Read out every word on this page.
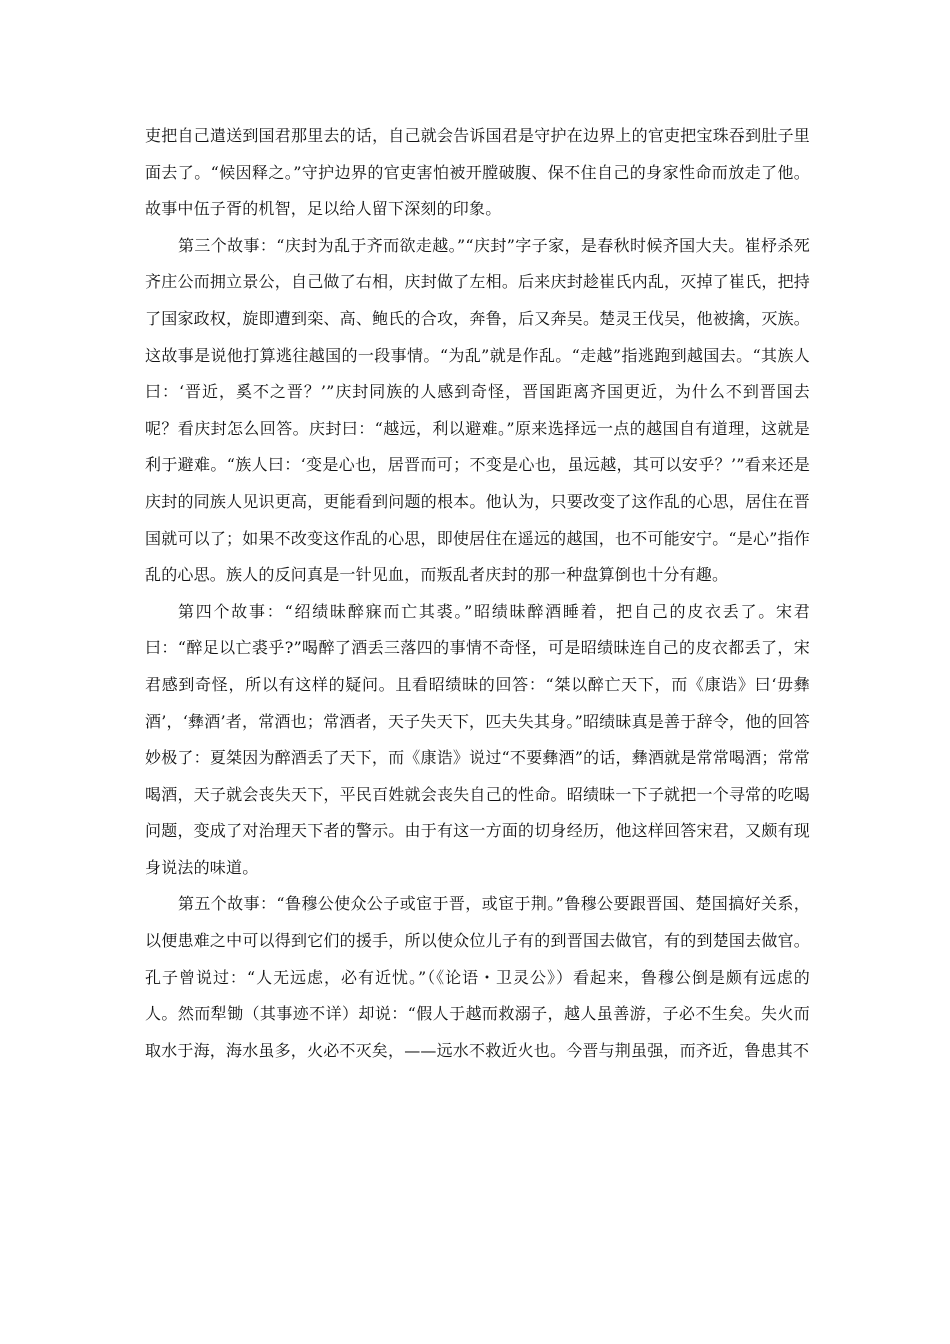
吏把自己遣送到国君那里去的话，自己就会告诉国君是守护在边界上的官吏把宝珠吞到肚子里面去了。“候因释之。”守护边界的官吏害怕被开膛破腹、保不住自己的身家性命而放走了他。故事中伍子胥的机智，足以给人留下深刻的印象。

第三个故事：“庆封为乱于齐而欲走越。”“庆封”字子家，是春秋时候齐国大夫。崔杼杀死齐庄公而拥立景公，自己做了右相，庆封做了左相。后来庆封趁崔氏内乱，灭掉了崔氏，把持了国家政权，旋即遭到栾、高、鲍氏的合攻，奔鲁，后又奔吴。楚灵王伐吴，他被擒，灭族。这故事是说他打算逃往越国的一段事情。“为乱”就是作乱。“走越”指逃跑到越国去。“其族人曰：‘晋近，奚不之晋？’”庆封同族的人感到奇怪，晋国距离齐国更近，为什么不到晋国去呢？看庆封怎么回答。庆封曰：“越远，利以避难。”原来选择远一点的越国自有道理，这就是利于避难。“族人曰：‘变是心也，居晋而可；不变是心也，虽远越，其可以安乎？’”看来还是庆封的同族人见识更高，更能看到问题的根本。他认为，只要改变了这作乱的心思，居住在晋国就可以了；如果不改变这作乱的心思，即使居住在遥远的越国，也不可能安宁。“是心”指作乱的心思。族人的反问真是一针见血，而叛乱者庆封的那一种盘算倒也十分有趣。

第四个故事：“绍绩昧醉寐而亡其裘。”昭绩昧醉酒睡着，把自己的皮衣丢了。宋君曰：“醉足以亡裘乎?”喝醉了酒丢三落四的事情不奇怪，可是昭绩昧连自己的皮衣都丢了，宋君感到奇怪，所以有这样的疑问。且看昭绩昧的回答：“桀以醉亡天下，而《康诰》曰‘毋彝酒’，‘彝酒’者，常酒也；常酒者，天子失天下，匹夫失其身。”昭绩昧真是善于辞令，他的回答妙极了：夏桀因为醉酒丢了天下，而《康诰》说过“不要彝酒”的话，彝酒就是常常喝酒；常常喝酒，天子就会丧失天下，平民百姓就会丧失自己的性命。昭绩昧一下子就把一个寻常的吃喝问题，变成了对治理天下者的警示。由于有这一方面的切身经历，他这样回答宋君，又颇有现身说法的味道。

第五个故事：“鲁穆公使众公子或宦于晋，或宦于荆。”鲁穆公要跟晋国、楚国搞好关系，以便患难之中可以得到它们的援手，所以使众位儿子有的到晋国去做官，有的到楚国去做官。孔子曾说过：“人无远虑，必有近忧。”（《论语・卫灵公》）看起来，鲁穆公倒是颇有远虑的人。然而犁锄（其事迹不详）却说：“假人于越而救溺子，越人虽善游，子必不生矣。失火而取水于海，海水虽多，火必不灭矣，——远水不救近火也。今晋与荆虽强，而齐近，鲁患其不
